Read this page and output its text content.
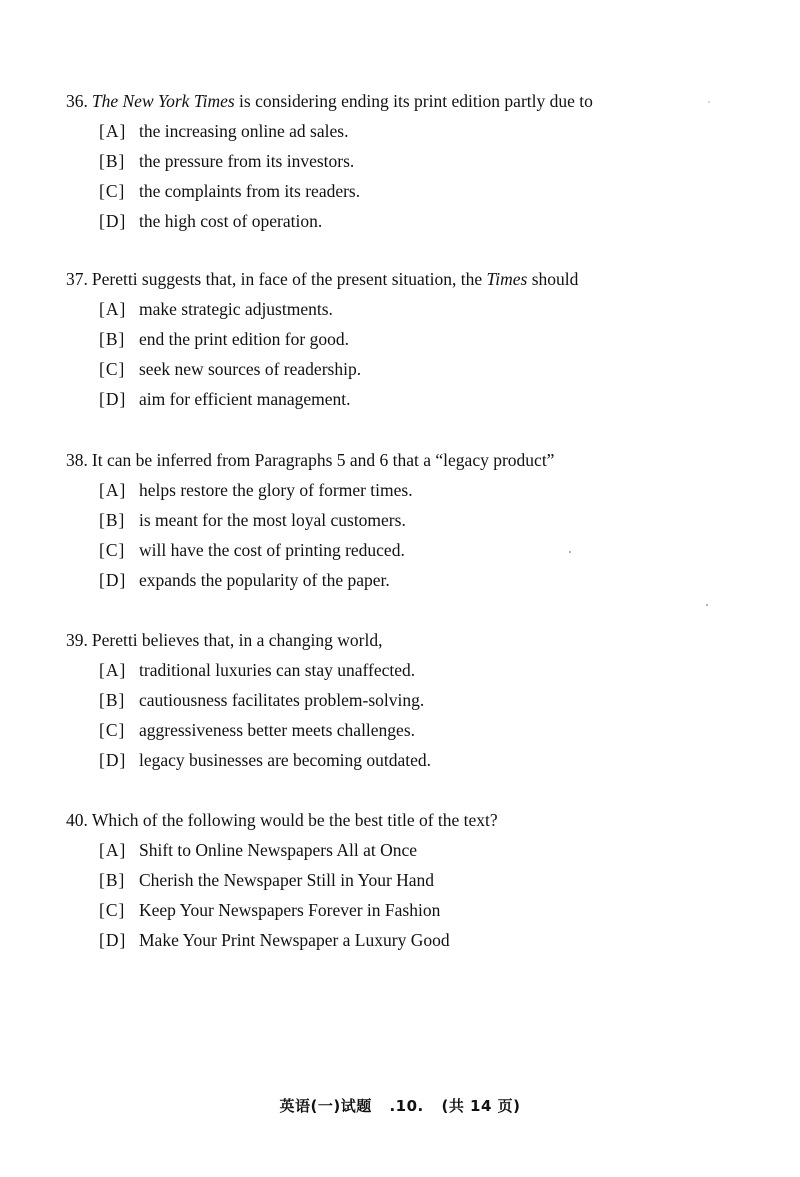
36. The New York Times is considering ending its print edition partly due to
[A] the increasing online ad sales.
[B] the pressure from its investors.
[C] the complaints from its readers.
[D] the high cost of operation.
37. Peretti suggests that, in face of the present situation, the Times should
[A] make strategic adjustments.
[B] end the print edition for good.
[C] seek new sources of readership.
[D] aim for efficient management.
38. It can be inferred from Paragraphs 5 and 6 that a “legacy product”
[A] helps restore the glory of former times.
[B] is meant for the most loyal customers.
[C] will have the cost of printing reduced.
[D] expands the popularity of the paper.
39. Peretti believes that, in a changing world,
[A] traditional luxuries can stay unaffected.
[B] cautiousness facilitates problem-solving.
[C] aggressiveness better meets challenges.
[D] legacy businesses are becoming outdated.
40. Which of the following would be the best title of the text?
[A] Shift to Online Newspapers All at Once
[B] Cherish the Newspaper Still in Your Hand
[C] Keep Your Newspapers Forever in Fashion
[D] Make Your Print Newspaper a Luxury Good
英语(一)试题 .10. (共 14 页)
